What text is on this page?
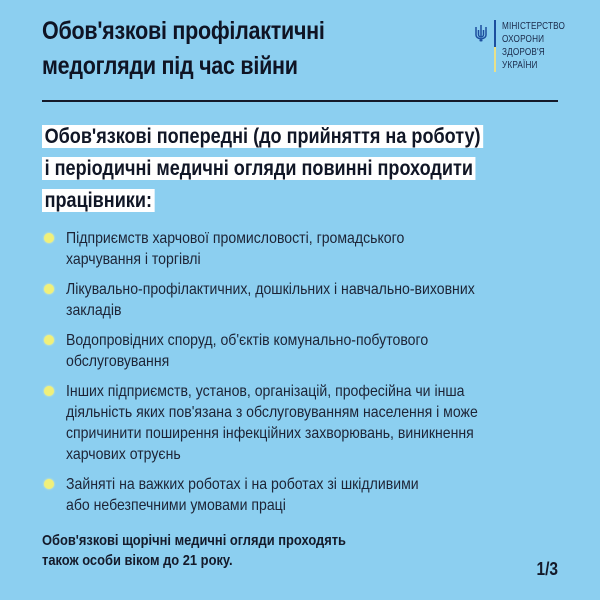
Обов'язкові профілактичні
медогляди під час війни
МІНІСТЕРСТВО
ОХОРОНИ
ЗДОРОВ'Я
УКРАЇНИ
Обов'язкові попередні (до прийняття на роботу)
і періодичні медичні огляди повинні проходити
працівники:
Підприємств харчової промисловості, громадського
харчування і торгівлі
Лікувально-профілактичних, дошкільних і навчально-виховних
закладів
Водопровідних споруд, об'єктів комунально-побутового
обслуговування
Інших підприємств, установ, організацій, професійна чи інша
діяльність яких пов'язана з обслуговуванням населення і може
спричинити поширення інфекційних захворювань, виникнення
харчових отруєнь
Зайняті на важких роботах і на роботах зі шкідливими
або небезпечними умовами праці
Обов'язкові щорічні медичні огляди проходять
також особи віком до 21 року.	1/3
